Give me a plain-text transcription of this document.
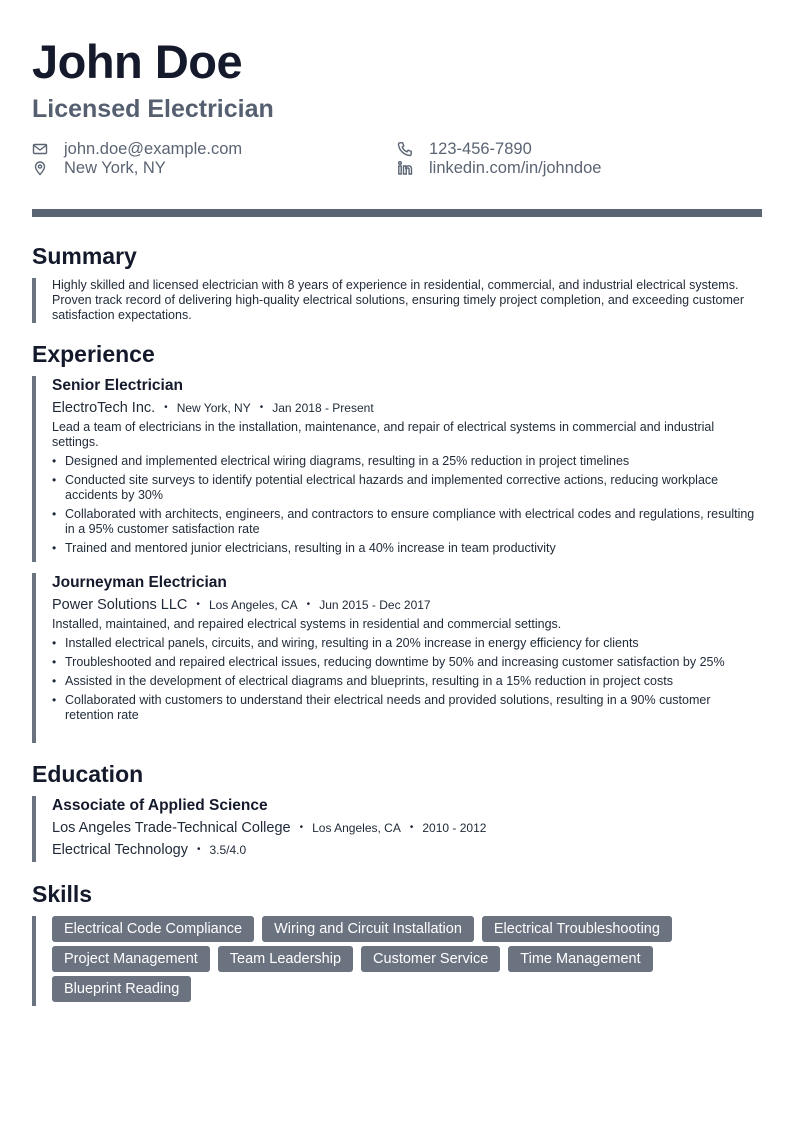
John Doe
Licensed Electrician
john.doe@example.com
New York, NY
123-456-7890
linkedin.com/in/johndoe
Summary
Highly skilled and licensed electrician with 8 years of experience in residential, commercial, and industrial electrical systems. Proven track record of delivering high-quality electrical solutions, ensuring timely project completion, and exceeding customer satisfaction expectations.
Experience
Senior Electrician
ElectroTech Inc. • New York, NY • Jan 2018 - Present
Lead a team of electricians in the installation, maintenance, and repair of electrical systems in commercial and industrial settings.
• Designed and implemented electrical wiring diagrams, resulting in a 25% reduction in project timelines
• Conducted site surveys to identify potential electrical hazards and implemented corrective actions, reducing workplace accidents by 30%
• Collaborated with architects, engineers, and contractors to ensure compliance with electrical codes and regulations, resulting in a 95% customer satisfaction rate
• Trained and mentored junior electricians, resulting in a 40% increase in team productivity
Journeyman Electrician
Power Solutions LLC • Los Angeles, CA • Jun 2015 - Dec 2017
Installed, maintained, and repaired electrical systems in residential and commercial settings.
• Installed electrical panels, circuits, and wiring, resulting in a 20% increase in energy efficiency for clients
• Troubleshooted and repaired electrical issues, reducing downtime by 50% and increasing customer satisfaction by 25%
• Assisted in the development of electrical diagrams and blueprints, resulting in a 15% reduction in project costs
• Collaborated with customers to understand their electrical needs and provided solutions, resulting in a 90% customer retention rate
Education
Associate of Applied Science
Los Angeles Trade-Technical College • Los Angeles, CA • 2010 - 2012
Electrical Technology • 3.5/4.0
Skills
Electrical Code Compliance	Wiring and Circuit Installation	Electrical Troubleshooting
Project Management	Team Leadership	Customer Service	Time Management
Blueprint Reading
